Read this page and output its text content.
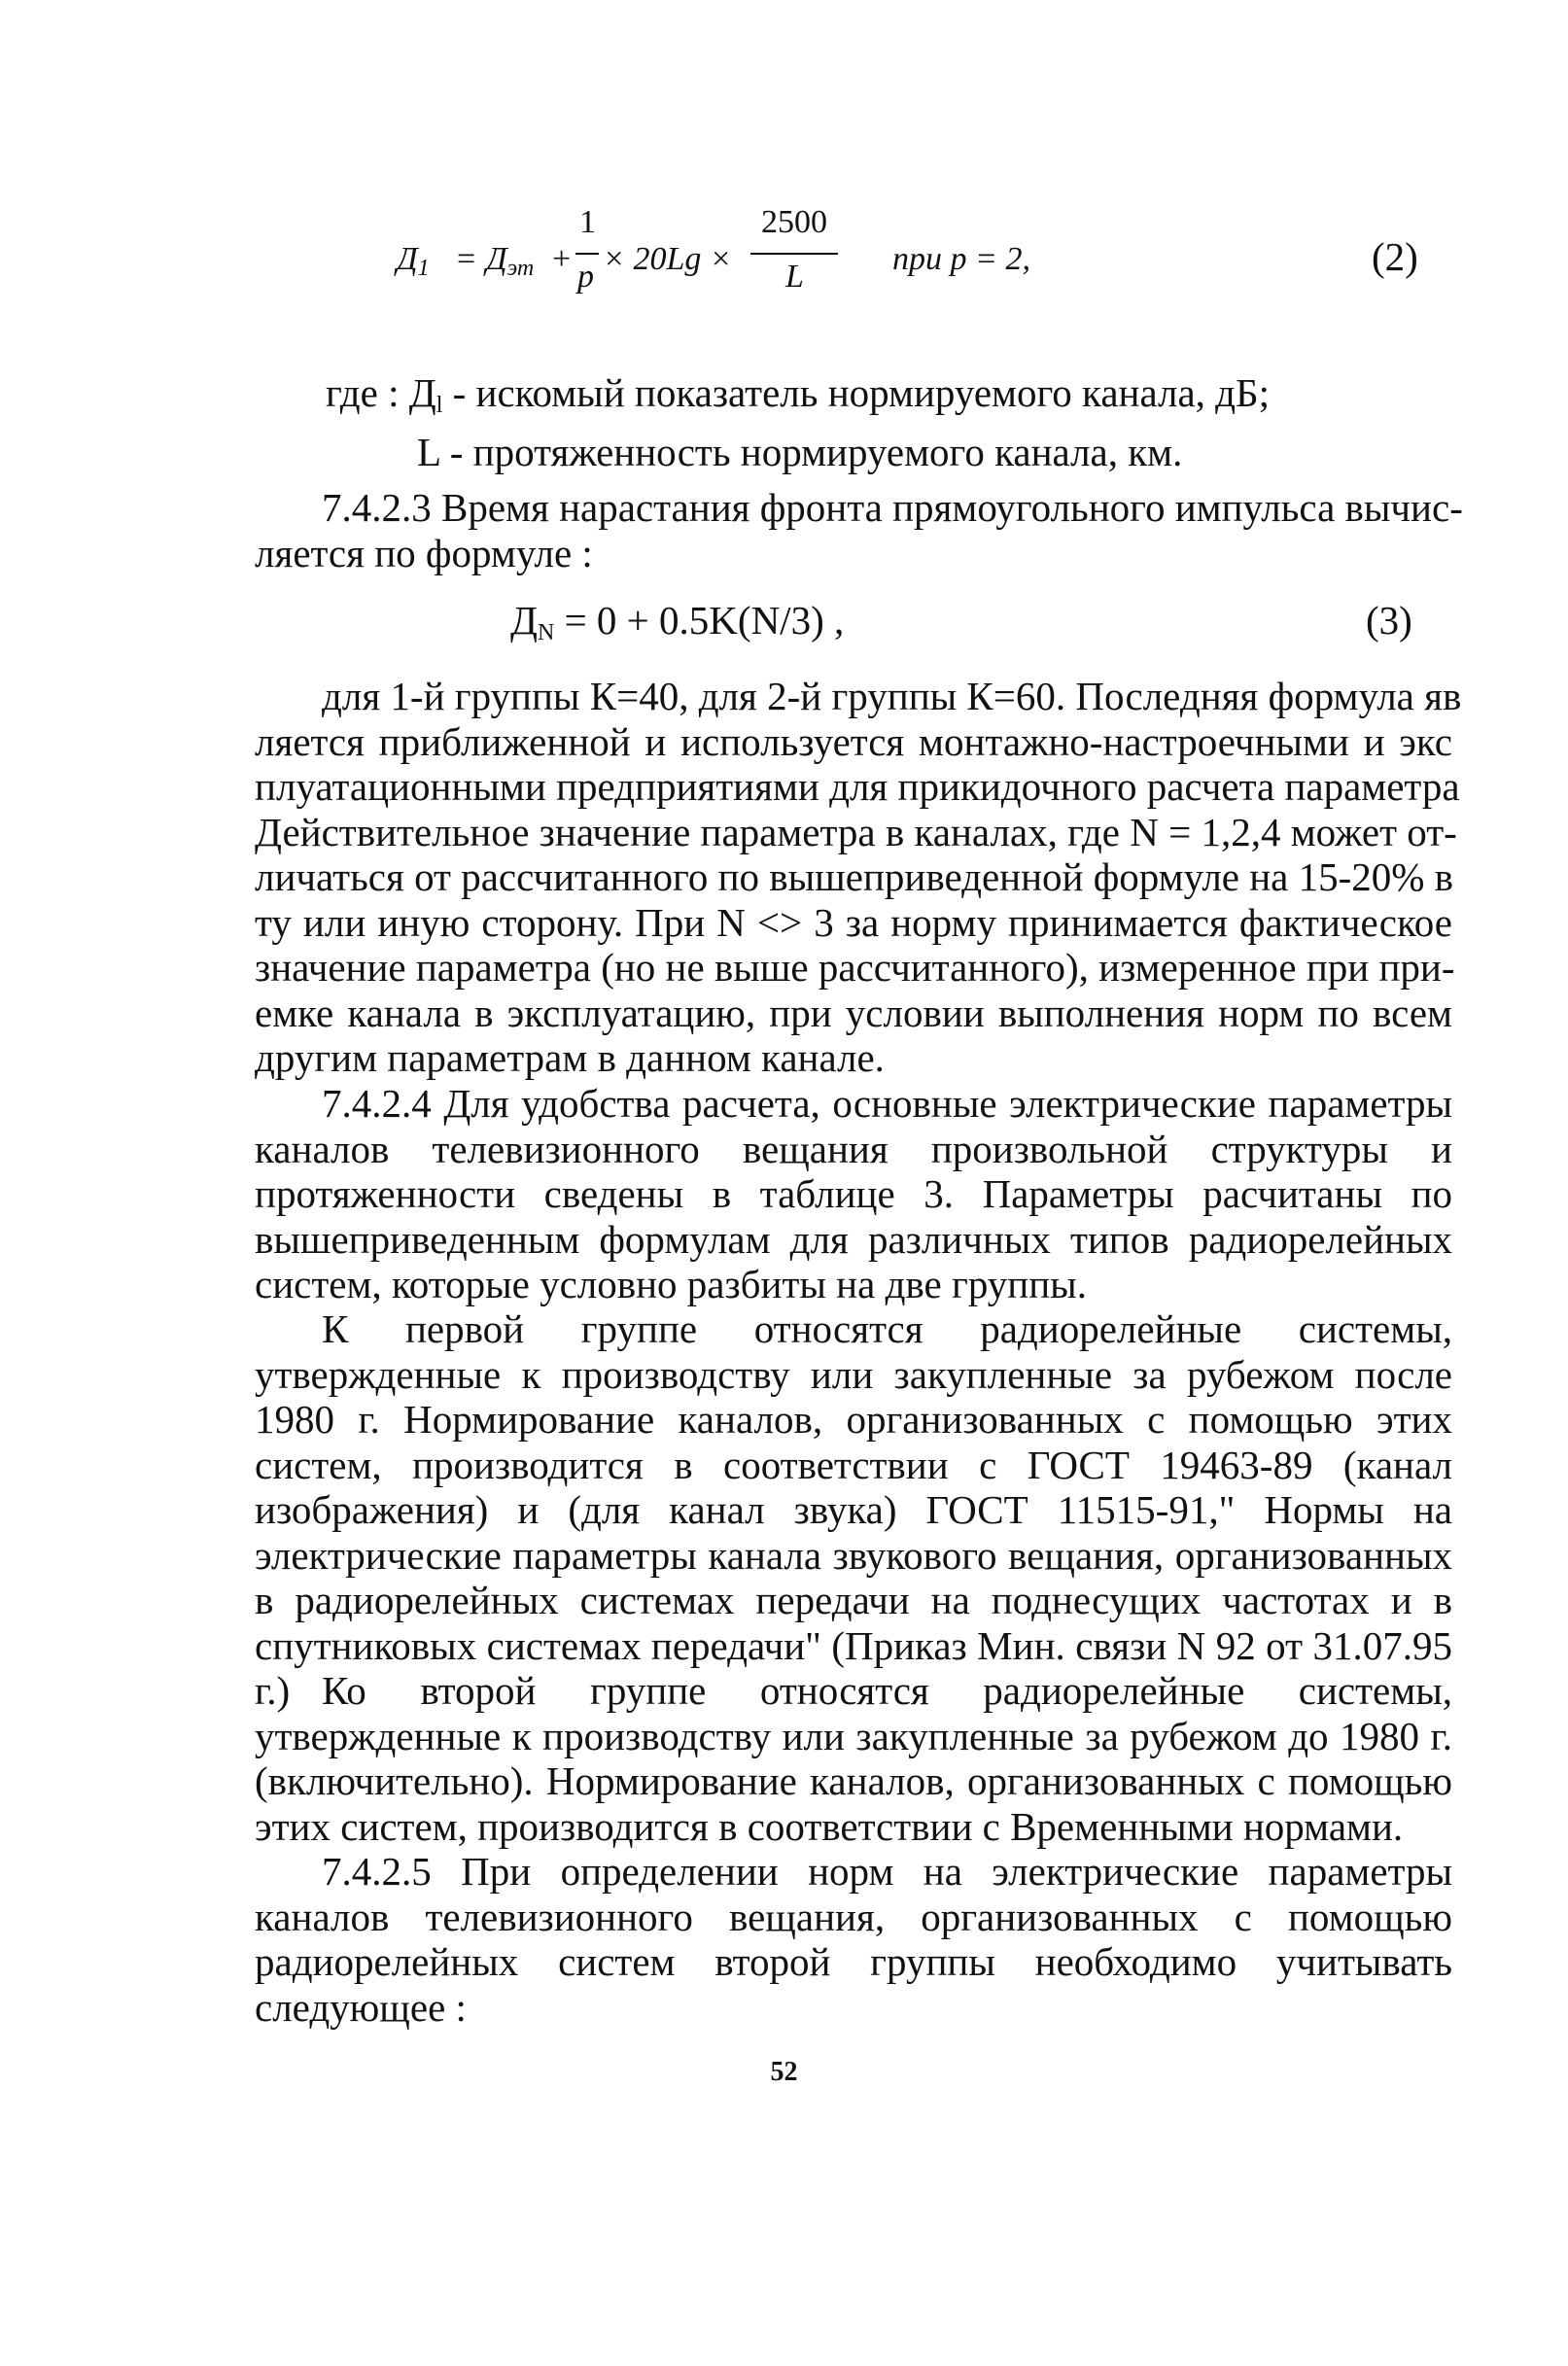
$Д_1 = Д_{эт}$ +
1
p × 20Lg ×
2500
L	при p = 2,	(2)
где : $Д_l$ - искомый показатель нормируемого канала, дБ;
L - протяженность нормируемого канала, км.
7.4.2.3 Время нарастания фронта прямоугольного импульса вычис-
ляется по формуле :
$Д_N = 0 + 0.5K(N/3)$ ,	(3)
для 1-й группы К=40, для 2-й группы К=60. Последняя формула яв
ляется приближенной и используется монтажно-настроечными и экс
плуатационными предприятиями для прикидочного расчета параметра
Действительное значение параметра в каналах, где N = 1,2,4 может от-
личаться от рассчитанного по вышеприведенной формуле на 15-20% в
ту или иную сторону. При N <> 3 за норму принимается фактическое
значение параметра (но не выше рассчитанного), измеренное при при-
емке канала в эксплуатацию, при условии выполнения норм по всем
другим параметрам в данном канале.

7.4.2.4 Для удобства расчета, основные электрические параметры каналов телевизионного вещания произвольной структуры и протяженности сведены в таблице 3. Параметры расчитаны по вышеприведенным формулам для различных типов радиорелейных систем, которые условно разбиты на две группы.

К первой группе относятся радиорелейные системы, утвержденные к производству или закупленные за рубежом после 1980 г. Нормирование каналов, организованных с помощью этих систем, производится в соответствии с ГОСТ 19463-89 (канал изображения) и (для канал звука) ГОСТ 11515-91," Нормы на электрические параметры канала звукового вещания, организованных в радиорелейных системах передачи на поднесущих частотах и в спутниковых системах передачи" (Приказ Мин. связи N 92 от 31.07.95 г.) Ко второй группе относятся радиорелейные системы, утвержденные к производству или закупленные за рубежом до 1980 г.(включительно). Нормирование каналов, организованных с помощью этих систем, производится в соответствии с Временными нормами.

7.4.2.5 При определении норм на электрические параметры каналов телевизионного вещания, организованных с помощью радиорелейных систем второй группы необходимо учитывать следующее :

52
